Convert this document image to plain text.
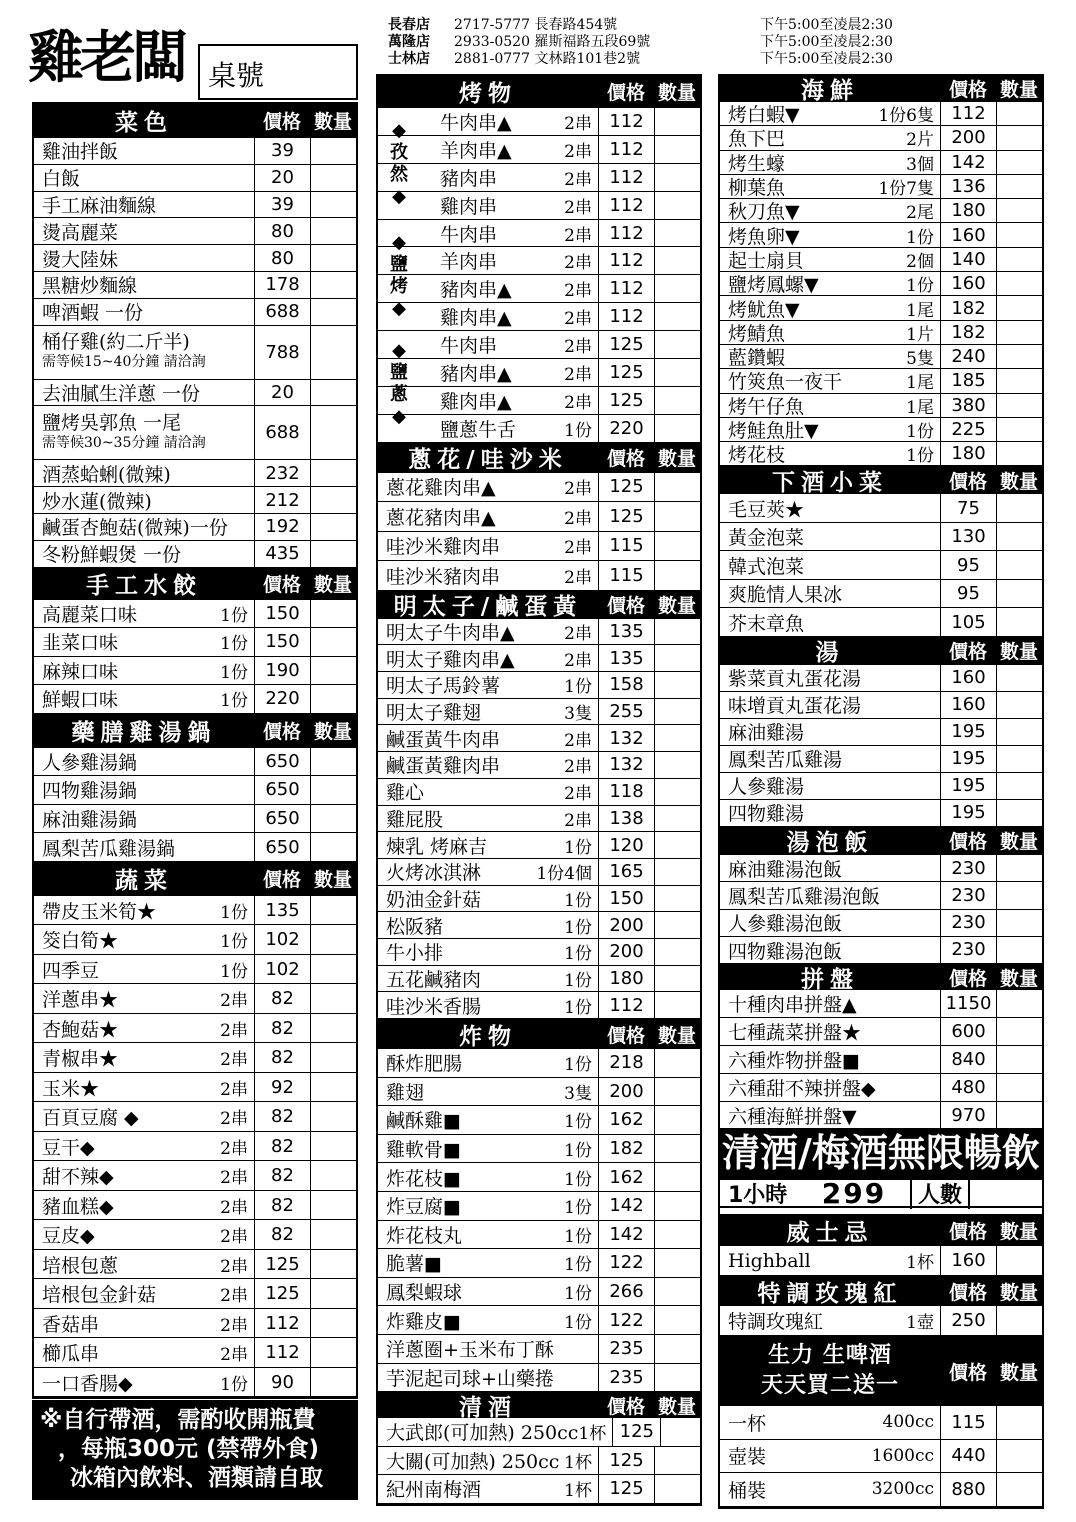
雞老闆 桌號
長春店	2717-5777 長春路454號	下午5:00至凌晨2:30
萬隆店	2933-0520 羅斯福路五段69號	下午5:00至凌晨2:30
士林店	2881-0777 文林路101巷2號	下午5:00至凌晨2:30
菜色	價格 數量
雞油拌飯	39
白飯	20
手工麻油麵線	39
燙高麗菜	80
燙大陸妹	80
黑糖炒麵線	178
啤酒蝦 一份	688
桶仔雞(約二斤半)
需等候15~40分鐘 請洽詢	788
去油膩生洋蔥 一份	20
鹽烤吳郭魚 一尾
需等候30~35分鐘 請洽詢	688
酒蒸蛤蜊(微辣)	232
炒水蓮(微辣)	212
鹹蛋杏鮑菇(微辣)一份	192
冬粉鮮蝦煲 一份	435
手工水餃	價格 數量
高麗菜口味	1份 150
韭菜口味	1份 150
麻辣口味	1份 190
鮮蝦口味	1份 220
藥膳雞湯鍋	價格 數量
人參雞湯鍋	650
四物雞湯鍋	650
麻油雞湯鍋	650
鳳梨苦瓜雞湯鍋	650
蔬菜	價格 數量
帶皮玉米筍★	1份 135
筊白筍★	1份 102
四季豆	1份 102
洋蔥串★	2串	82
杏鮑菇★	2串	82
青椒串★	2串	82
玉米★	2串	92
百頁豆腐 ◆	2串	82
豆干◆	2串	82
甜不辣◆	2串	82
豬血糕◆	2串	82
豆皮◆	2串	82
培根包蔥	2串 125
培根包金針菇	2串 125
香菇串	2串 112
櫛瓜串	2串 112
一口香腸◆	1份	90
烤物	價格 數量
牛肉串▲	2串 112
羊肉串▲	2串 112
豬肉串	2串 112
雞肉串	2串 112
牛肉串	2串 112
羊肉串	2串 112
豬肉串▲	2串 112
雞肉串▲	2串 112
牛肉串	2串 125
豬肉串▲	2串 125
雞肉串▲	2串 125
鹽蔥牛舌	1份 220
蔥花/哇沙米	價格 數量
蔥花雞肉串▲	2串 125
蔥花豬肉串▲	2串 125
哇沙米雞肉串	2串 115
哇沙米豬肉串	2串 115
明太子/鹹蛋黃	價格 數量
明太子牛肉串▲	2串 135
明太子雞肉串▲	2串 135
明太子馬鈴薯	1份 158
明太子雞翅	3隻 255
鹹蛋黃牛肉串	2串 132
鹹蛋黃雞肉串	2串 132
雞心	2串 118
雞屁股	2串 138
煉乳 烤麻吉	1份 120
火烤冰淇淋	1份4個 165
奶油金針菇	1份 150
松阪豬	1份 200
牛小排	1份 200
五花鹹豬肉	1份 180
哇沙米香腸	1份 112
炸物	價格 數量
酥炸肥腸	1份 218
雞翅	3隻 200
鹹酥雞■	1份 162
雞軟骨■	1份 182
炸花枝■	1份 162
炸豆腐■	1份 142
炸花枝丸	1份 142
脆薯■	1份 122
鳳梨蝦球	1份 266
炸雞皮■	1份 122
洋蔥圈+玉米布丁酥	235
芋泥起司球+山藥捲	235
清酒	價格 數量
大武郎(可加熱) 250cc 1杯 125
大關(可加熱) 250cc 1杯 125
紀州南梅酒	1杯 125
海鮮	價格 數量
烤白蝦▼	1份6隻 112
魚下巴	2片 200
烤生蠔	3個 142
柳葉魚	1份7隻 136
秋刀魚▼	2尾 180
烤魚卵▼	1份 160
起士扇貝	2個 140
鹽烤鳳螺▼	1份 160
烤魷魚▼	1尾 182
烤鯖魚	1片 182
藍鑽蝦	5隻 240
竹筴魚一夜干	1尾 185
烤午仔魚	1尾 380
烤鮭魚肚▼	1份 225
烤花枝	1份 180
下酒小菜	價格 數量
毛豆莢★	75
黃金泡菜	130
韓式泡菜	95
爽脆情人果冰	95
芥末章魚	105
湯	價格 數量
紫菜貢丸蛋花湯	160
味增貢丸蛋花湯	160
麻油雞湯	195
鳳梨苦瓜雞湯	195
人參雞湯	195
四物雞湯	195
湯泡飯	價格 數量
麻油雞湯泡飯	230
鳳梨苦瓜雞湯泡飯	230
人參雞湯泡飯	230
四物雞湯泡飯	230
拼盤	價格 數量
十種肉串拼盤▲	1150
七種蔬菜拼盤★	600
六種炸物拼盤■	840
六種甜不辣拼盤◆	480
六種海鮮拼盤▼	970
威士忌	價格 數量
Highball	1杯 160
特調玫瑰紅	價格 數量
特調玫瑰紅	1壺 250
生力 生啤酒
天天買二送一
價格 數量
一杯	400cc 115
壺裝	1600cc 440
桶裝	3200cc 880
◆
孜
然
◆
◆
鹽
烤
◆
◆
鹽
蔥
◆
清酒/梅酒無限暢飲
1小時	299	人數
※自行帶酒，需酌收開瓶費
，每瓶300元 (禁帶外食)
冰箱內飲料、酒類請自取
